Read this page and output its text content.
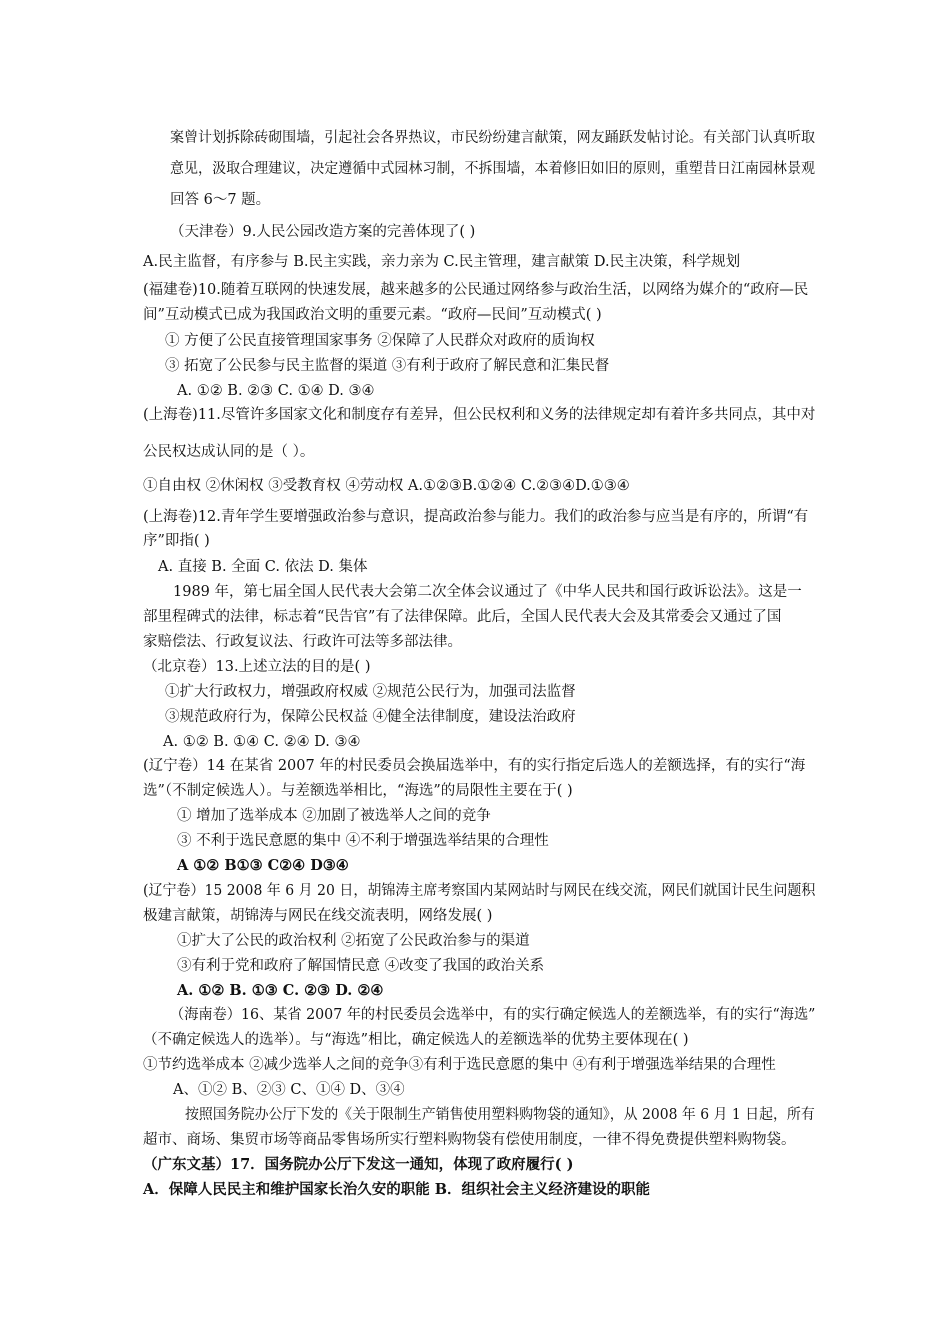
案曾计划拆除砖砌围墙，引起社会各界热议，市民纷纷建言献策，网友踊跃发帖讨论。有关部门认真听取
意见，汲取合理建议，决定遵循中式园林习制，不拆围墙，本着修旧如旧的原则，重塑昔日江南园林景观
回答 6～7 题。
（天津卷）9.人民公园改造方案的完善体现了( )
A.民主监督，有序参与 B.民主实践，亲力亲为 C.民主管理，建言献策 D.民主决策，科学规划
(福建卷)10.随着互联网的快速发展，越来越多的公民通过网络参与政治生活，以网络为媒介的“政府—民
间”互动模式已成为我国政治文明的重要元素。“政府—民间”互动模式( )
① 方便了公民直接管理国家事务 ②保障了人民群众对政府的质询权
③ 拓宽了公民参与民主监督的渠道 ③有利于政府了解民意和汇集民督
A. ①② B. ②③ C. ①④ D. ③④
(上海卷)11.尽管许多国家文化和制度存有差异，但公民权利和义务的法律规定却有着许多共同点，其中对
公民权达成认同的是（ ）。
①自由权 ②休闲权 ③受教育权 ④劳动权 A.①②③B.①②④ C.②③④D.①③④
(上海卷)12.青年学生要增强政治参与意识，提高政治参与能力。我们的政治参与应当是有序的，所谓“有
序”即指( )
A. 直接 B. 全面 C. 依法 D. 集体
1989 年，第七届全国人民代表大会第二次全体会议通过了《中华人民共和国行政诉讼法》。这是一
部里程碑式的法律，标志着“民告官”有了法律保障。此后，全国人民代表大会及其常委会又通过了国
家赔偿法、行政复议法、行政许可法等多部法律。
（北京卷）13.上述立法的目的是( )
①扩大行政权力，增强政府权威 ②规范公民行为，加强司法监督
③规范政府行为，保障公民权益 ④健全法律制度，建设法治政府
A. ①② B. ①④ C. ②④ D. ③④
(辽宁卷）14 在某省 2007 年的村民委员会换届选举中，有的实行指定后选人的差额选择，有的实行“海
选”（不制定候选人）。与差额选举相比，“海选”的局限性主要在于( )
① 增加了选举成本 ②加剧了被选举人之间的竞争
③ 不利于选民意愿的集中 ④不利于增强选举结果的合理性
A ①② B①③ C②④ D③④
(辽宁卷）15 2008 年 6 月 20 日，胡锦涛主席考察国内某网站时与网民在线交流，网民们就国计民生问题积
极建言献策，胡锦涛与网民在线交流表明，网络发展( )
①扩大了公民的政治权利 ②拓宽了公民政治参与的渠道
③有利于党和政府了解国情民意 ④改变了我国的政治关系
A. ①② B. ①③ C. ②③ D. ②④
（海南卷）16、某省 2007 年的村民委员会选举中，有的实行确定候选人的差额选举，有的实行“海选”
（不确定候选人的选举）。与“海选”相比，确定候选人的差额选举的优势主要体现在( )
①节约选举成本 ②减少选举人之间的竞争③有利于选民意愿的集中 ④有利于增强选举结果的合理性
A、①② B、②③ C、①④ D、③④
按照国务院办公厅下发的《关于限制生产销售使用塑料购物袋的通知》，从 2008 年 6 月 1 日起，所有
超市、商场、集贸市场等商品零售场所实行塑料购物袋有偿使用制度，一律不得免费提供塑料购物袋。
（广东文基）17．国务院办公厅下发这一通知，体现了政府履行( )
A．保障人民民主和维护国家长治久安的职能 B．组织社会主义经济建设的职能
